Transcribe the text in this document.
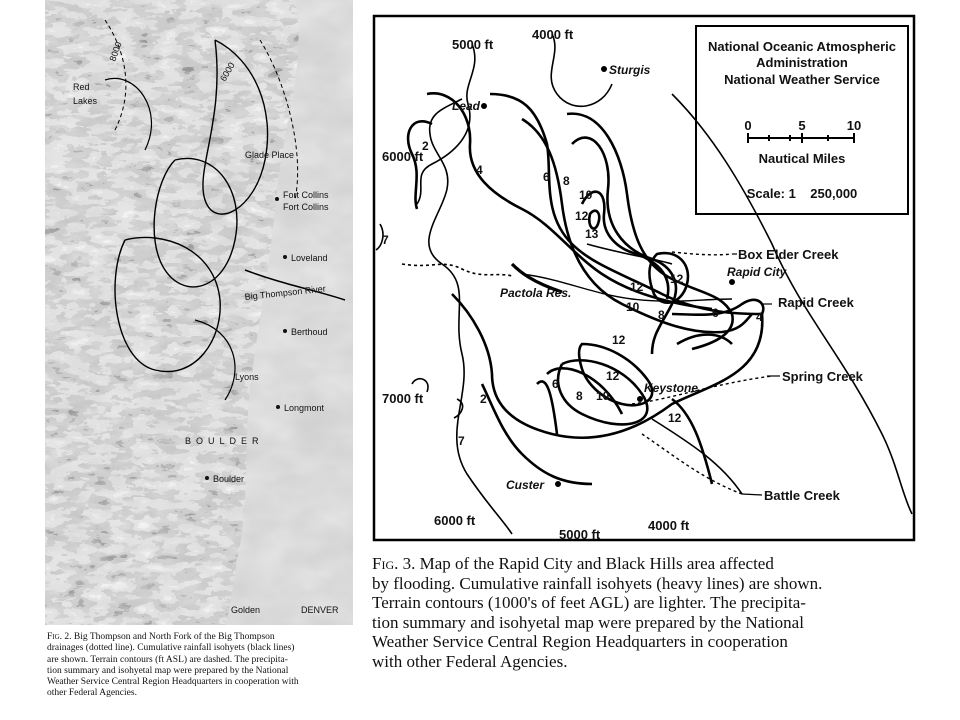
Red Lakes
Glade Place
Fort Collins
Fort Collins
Loveland
Big Thompson River
Berthoud
Lyons
Longmont
Boulder
BOULDER
Golden	DENVER
8000
6000
Fig. 2. Big Thompson and North Fork of the Big Thompson
drainages (dotted line). Cumulative rainfall isohyets (black lines)
are shown. Terrain contours (ft ASL) are dashed. The precipita-
tion summary and isohyetal map were prepared by the National
Weather Service Central Region Headquarters in cooperation with
other Federal Agencies.
National Oceanic Atmospheric
Administration
National Weather Service
0	5	10
Nautical Miles
Scale: 1    250,000
Sturgis
Lead
Rapid City
Pactola Res.
Keystone
Custer
Box Elder Creek
Rapid Creek
Spring Creek
Battle Creek
5000 ft
4000 ft
6000 ft
7000 ft
6000 ft
5000 ft
4000 ft
2
4	6 8
10
12
13
12
12
10
8	6	4
12
12
6
8 10
12
2
7
7
Fig. 3. Map of the Rapid City and Black Hills area affected
by flooding. Cumulative rainfall isohyets (heavy lines) are shown.
Terrain contours (1000's of feet AGL) are lighter. The precipita-
tion summary and isohyetal map were prepared by the National
Weather Service Central Region Headquarters in cooperation
with other Federal Agencies.
